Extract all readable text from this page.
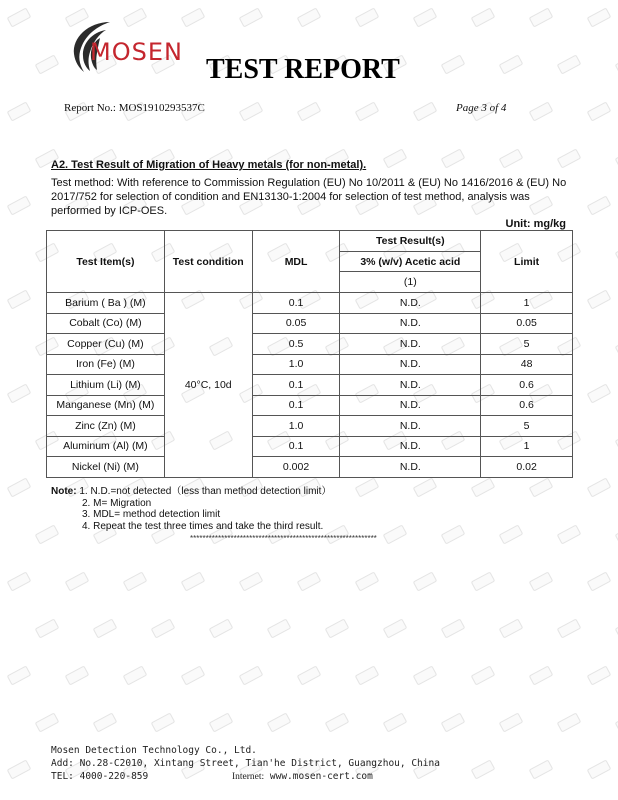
MOSEN
TEST REPORT
Report No.: MOS1910293537C	Page 3 of 4
A2. Test Result of Migration of Heavy metals (for non-metal).
Test method: With reference to Commission Regulation (EU) No 10/2011 & (EU) No 1416/2016 & (EU) No 2017/752 for selection of condition and EN13130-1:2004 for selection of test method, analysis was performed by ICP-OES.
Unit: mg/kg
Test Item(s)	Test condition	MDL	Test Result(s)	Limit
			3% (w/v) Acetic acid	
			(1)	
Barium ( Ba ) (M)	40°C, 10d	0.1	N.D.	1
Cobalt (Co) (M)		0.05	N.D.	0.05
Copper (Cu) (M)		0.5	N.D.	5
Iron (Fe) (M)		1.0	N.D.	48
Lithium (Li) (M)		0.1	N.D.	0.6
Manganese (Mn) (M)		0.1	N.D.	0.6
Zinc (Zn) (M)		1.0	N.D.	5
Aluminum (Al) (M)		0.1	N.D.	1
Nickel (Ni) (M)		0.002	N.D.	0.02
Note: 1. N.D.=not detected（less than method detection limit）
2. M= Migration
3. MDL= method detection limit
4. Repeat the test three times and take the third result.
************************************************************
Mosen Detection Technology Co., Ltd.
Add: No.28-C2010, Xintang Street, Tian'he District, Guangzhou, China
TEL: 4000-220-859	Internet: www.mosen-cert.com
